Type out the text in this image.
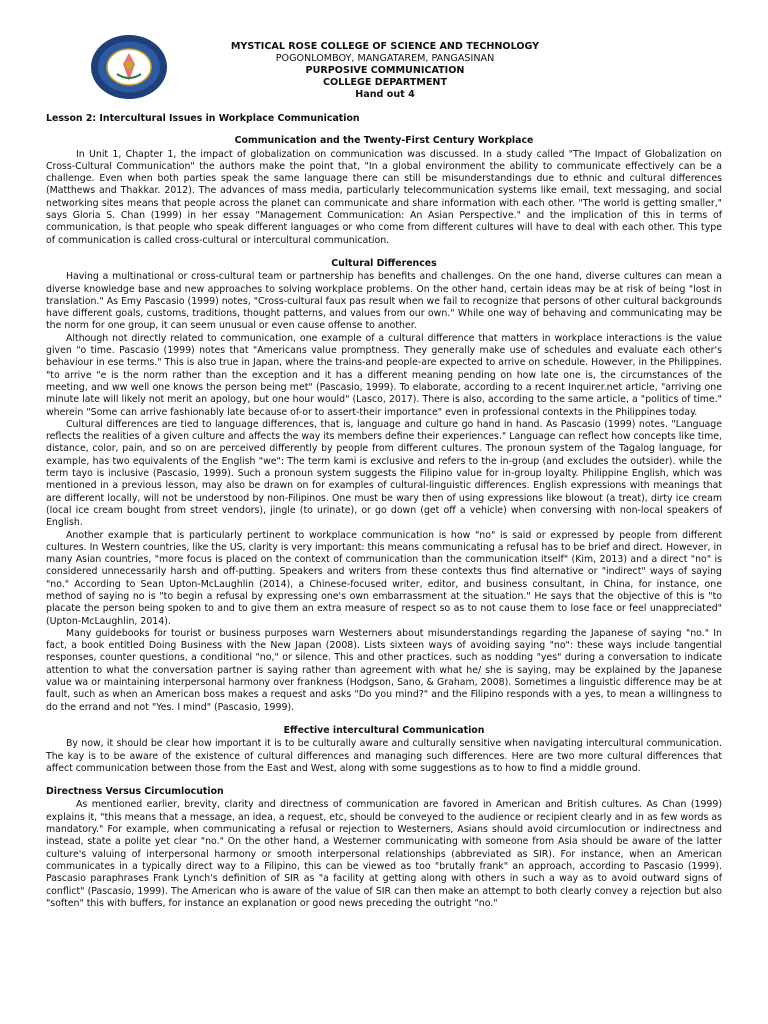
MYSTICAL ROSE COLLEGE OF SCIENCE AND TECHNOLOGY
POGONLOMBOY, MANGATAREM, PANGASINAN
PURPOSIVE COMMUNICATION
COLLEGE DEPARTMENT
Hand out 4

Lesson 2: Intercultural Issues in Workplace Communication

Communication and the Twenty-First Century Workplace

In Unit 1, Chapter 1, the impact of globalization on communication was discussed. In a study called "The Impact of Globalization on Cross-Cultural Communication" the authors make the point that, "In a global environment the ability to communicate effectively can be a challenge. Even when both parties speak the same language there can still be misunderstandings due to ethnic and cultural differences (Matthews and Thakkar. 2012). The advances of mass media, particularly telecommunication systems like email, text messaging, and social networking sites means that people across the planet can communicate and share information with each other. "The world is getting smaller," says Gloria S. Chan (1999) in her essay "Management Communication: An Asian Perspective." and the implication of this in terms of communication, is that people who speak different languages or who come from different cultures will have to deal with each other. This type of communication is called cross-cultural or intercultural communication.

Cultural Differences

Having a multinational or cross-cultural team or partnership has benefits and challenges. On the one hand, diverse cultures can mean a diverse knowledge base and new approaches to solving workplace problems. On the other hand, certain ideas may be at risk of being "lost in translation." As Emy Pascasio (1999) notes, "Cross-cultural faux pas result when we fail to recognize that persons of other cultural backgrounds have different goals, customs, traditions, thought patterns, and values from our own." While one way of behaving and communicating may be the norm for one group, it can seem unusual or even cause offense to another.

Although not directly related to communication, one example of a cultural difference that matters in workplace interactions is the value given "o time. Pascasio (1999) notes that "Americans value promptness. They generally make use of schedules and evaluate each other's behaviour in ese terms." This is also true in Japan, where the trains-and people-are expected to arrive on schedule. However, in the Philippines. "to arrive "e is the norm rather than the exception and it has a different meaning pending on how late one is, the circumstances of the meeting, and ww well one knows the person being met" (Pascasio, 1999). To elaborate, according to a recent Inquirer.net article, "arriving one minute late will likely not merit an apology, but one hour would" (Lasco, 2017). There is also, according to the same article, a "politics of time." wherein "Some can arrive fashionably late because of-or to assert-their importance" even in professional contexts in the Philippines today.

Cultural differences are tied to language differences, that is, language and culture go hand in hand. As Pascasio (1999) notes. "Language reflects the realities of a given culture and affects the way its members define their experiences." Language can reflect how concepts like time, distance, color, pain, and so on are perceived differently by people from different cultures. The pronoun system of the Tagalog language, for example, has two equivalents of the English "we": The term kami is exclusive and refers to the in-group (and excludes the outsider). while the term tayo is inclusive (Pascasio, 1999). Such a pronoun system suggests the Filipino value for in-group loyalty. Philippine English, which was mentioned in a previous lesson, may also be drawn on for examples of cultural-linguistic differences. English expressions with meanings that are different locally, will not be understood by non-Filipinos. One must be wary then of using expressions like blowout (a treat), dirty ice cream (local ice cream bought from street vendors), jingle (to urinate), or go down (get off a vehicle) when conversing with non-local speakers of English.

Another example that is particularly pertinent to workplace communication is how "no" is said or expressed by people from different cultures. In Western countries, like the US, clarity is very important: this means communicating a refusal has to be brief and direct. However, in many Asian countries, "more focus is placed on the context of communication than the communication itself" (Kim, 2013) and a direct "no" is considered unnecessarily harsh and off-putting. Speakers and writers from these contexts thus find alternative or "indirect" ways of saying "no." According to Sean Upton-McLaughlin (2014), a Chinese-focused writer, editor, and business consultant, in China, for instance, one method of saying no is "to begin a refusal by expressing one's own embarrassment at the situation." He says that the objective of this is "to placate the person being spoken to and to give them an extra measure of respect so as to not cause them to lose face or feel unappreciated" (Upton-McLaughlin, 2014).

Many guidebooks for tourist or business purposes warn Westerners about misunderstandings regarding the Japanese of saying "no." In fact, a book entitled Doing Business with the New Japan (2008). Lists sixteen ways of avoiding saying "no": these ways include tangential responses, counter questions, a conditional "no," or silence. This and other practices. such as nodding "yes" during a conversation to indicate attention to what the conversation partner is saying rather than agreement with what he/ she is saying, may be explained by the Japanese value wa or maintaining interpersonal harmony over frankness (Hodgson, Sano, & Graham, 2008). Sometimes a linguistic difference may be at fault, such as when an American boss makes a request and asks "Do you mind?" and the Filipino responds with a yes, to mean a willingness to do the errand and not "Yes. I mind" (Pascasio, 1999).

Effective intercultural Communication

By now, it should be clear how important it is to be culturally aware and culturally sensitive when navigating intercultural communication. The kay is to be aware of the existence of cultural differences and managing such differences. Here are two more cultural differences that affect communication between those from the East and West, along with some suggestions as to how to find a middle ground.

Directness Versus Circumlocution

As mentioned earlier, brevity, clarity and directness of communication are favored in American and British cultures. As Chan (1999) explains it, "this means that a message, an idea, a request, etc, should be conveyed to the audience or recipient clearly and in as few words as mandatory." For example, when communicating a refusal or rejection to Westerners, Asians should avoid circumlocution or indirectness and instead, state a polite yet clear "no." On the other hand, a Westerner communicating with someone from Asia should be aware of the latter culture's valuing of interpersonal harmony or smooth interpersonal relationships (abbreviated as SIR). For instance, when an American communicates in a typically direct way to a Filipino, this can be viewed as too "brutally frank" an approach, according to Pascasio (1999). Pascasio paraphrases Frank Lynch's definition of SIR as "a facility at getting along with others in such a way as to avoid outward signs of conflict" (Pascasio, 1999). The American who is aware of the value of SIR can then make an attempt to both clearly convey a rejection but also "soften" this with buffers, for instance an explanation or good news preceding the outright "no."
